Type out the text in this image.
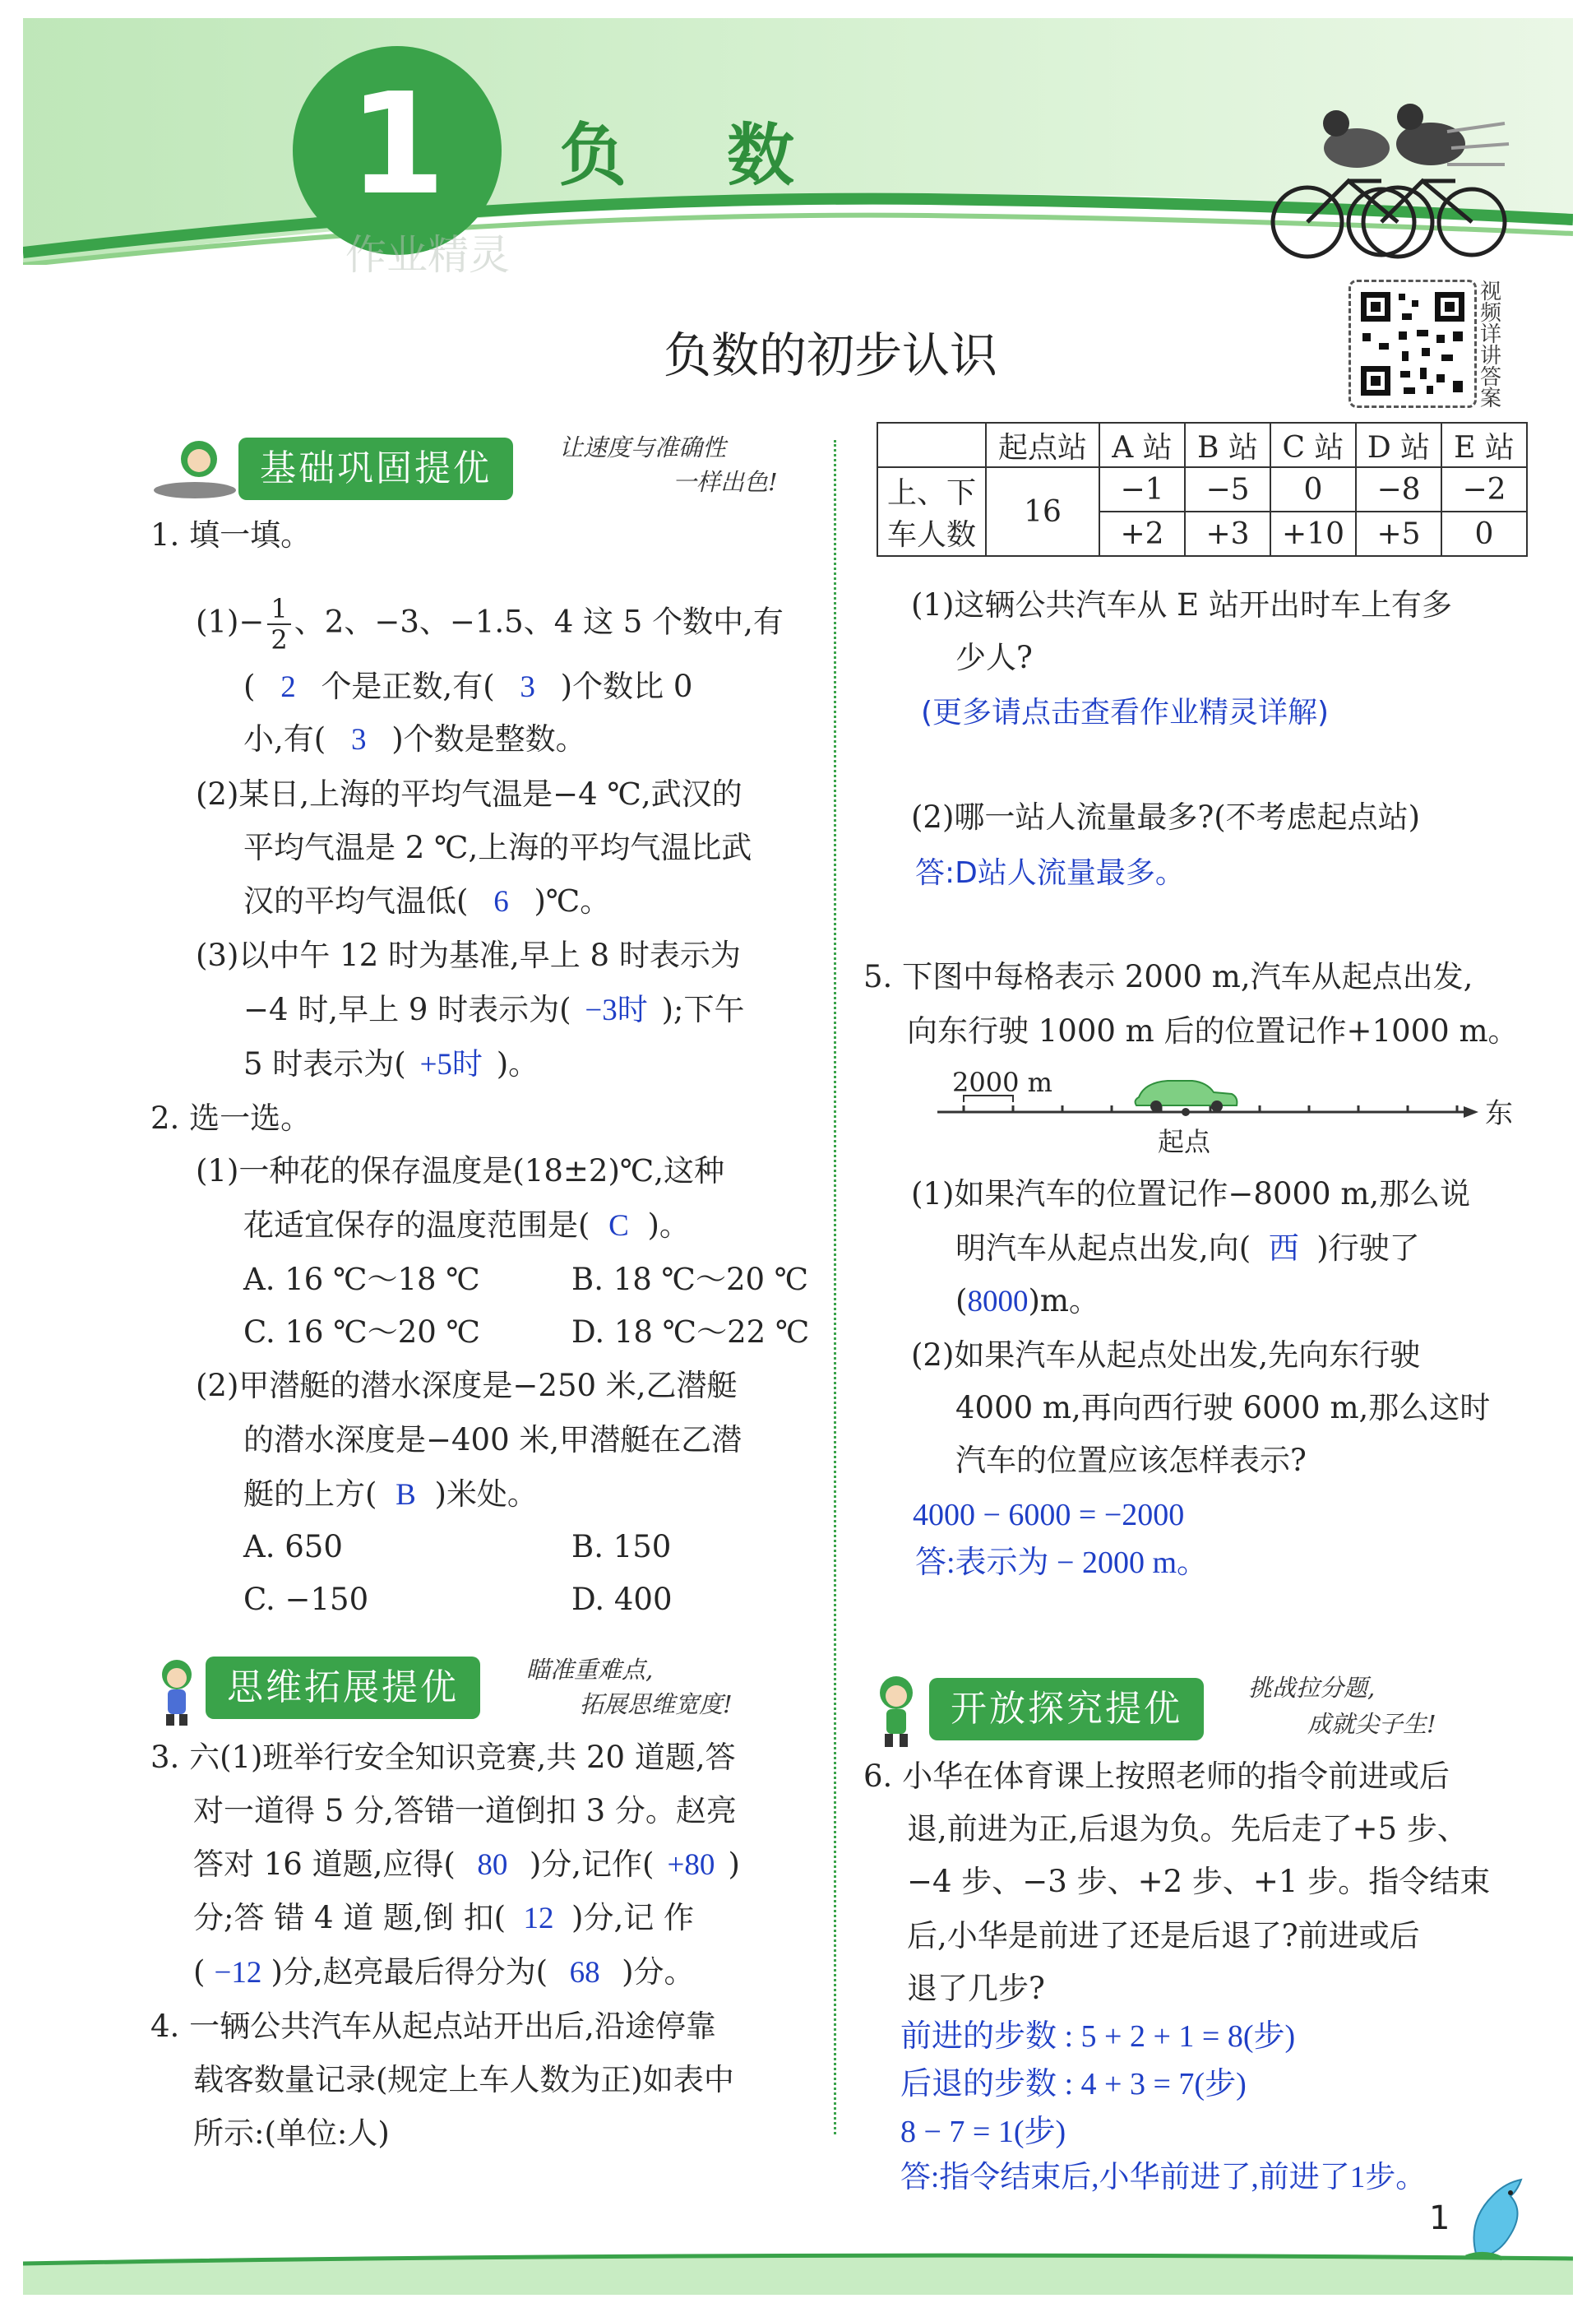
1	负　数
作业精灵
视频详讲答案
负数的初步认识
基础巩固提优	让速度与准确性
一样出色!
1. 填一填。
$(1)- \frac{1}{2}$ 、2、−3、−1.5、4 这 5 个数中,有
( 2 个是正数,有( 3 )个数比 0
小,有( 3 )个数是整数。
(2)某日,上海的平均气温是−4 ℃,武汉的
平均气温是 2 ℃,上海的平均气温比武
汉的平均气温低( 6 )℃。
(3)以中午 12 时为基准,早上 8 时表示为
−4 时,早上 9 时表示为( −3时 );下午
5 时表示为( +5时 )。
2. 选一选。
(1)一种花的保存温度是(18±2)℃,这种
花适宜保存的温度范围是( C )。
A. 16 ℃～18 ℃	B. 18 ℃～20 ℃
C. 16 ℃～20 ℃	D. 18 ℃～22 ℃
(2)甲潜艇的潜水深度是−250 米,乙潜艇
的潜水深度是−400 米,甲潜艇在乙潜
艇的上方( B )米处。
A. 650	B. 150
C. −150	D. 400
思维拓展提优	瞄准重难点,
拓展思维宽度!
3. 六(1)班举行安全知识竞赛,共 20 道题,答
对一道得 5 分,答错一道倒扣 3 分。赵亮
答对 16 道题,应得( 80 )分,记作( +80 )
分;答 错 4 道 题,倒 扣( 12 )分,记 作
( −12 )分,赵亮最后得分为( 68 )分。
4. 一辆公共汽车从起点站开出后,沿途停靠
载客数量记录(规定上车人数为正)如表中
所示:(单位:人)
	起点站	A 站	B 站	C 站	D 站	E 站
上、下
车人数	16	−1	−5	0	−8	−2
		+2	+3	+10	+5	0
(1)这辆公共汽车从 E 站开出时车上有多
少人?
(更多请点击查看作业精灵详解)
(2)哪一站人流量最多?(不考虑起点站)
答:D站人流量最多。
5. 下图中每格表示 2000 m,汽车从起点出发,
向东行驶 1000 m 后的位置记作+1000 m。
2000 m
起点
东
(1)如果汽车的位置记作−8000 m,那么说
明汽车从起点出发,向( 西 )行驶了
(8000)m。
(2)如果汽车从起点处出发,先向东行驶
4000 m,再向西行驶 6000 m,那么这时
汽车的位置应该怎样表示?
4000 − 6000 = −2000
答:表示为 − 2000 m。
开放探究提优	挑战拉分题,
成就尖子生!
6. 小华在体育课上按照老师的指令前进或后
退,前进为正,后退为负。先后走了+5 步、
−4 步、−3 步、+2 步、+1 步。指令结束
后,小华是前进了还是后退了?前进或后
退了几步?
前进的步数 : 5 + 2 + 1 = 8(步)
后退的步数 : 4 + 3 = 7(步)
8 − 7 = 1(步)
答:指令结束后,小华前进了,前进了1步。
1
